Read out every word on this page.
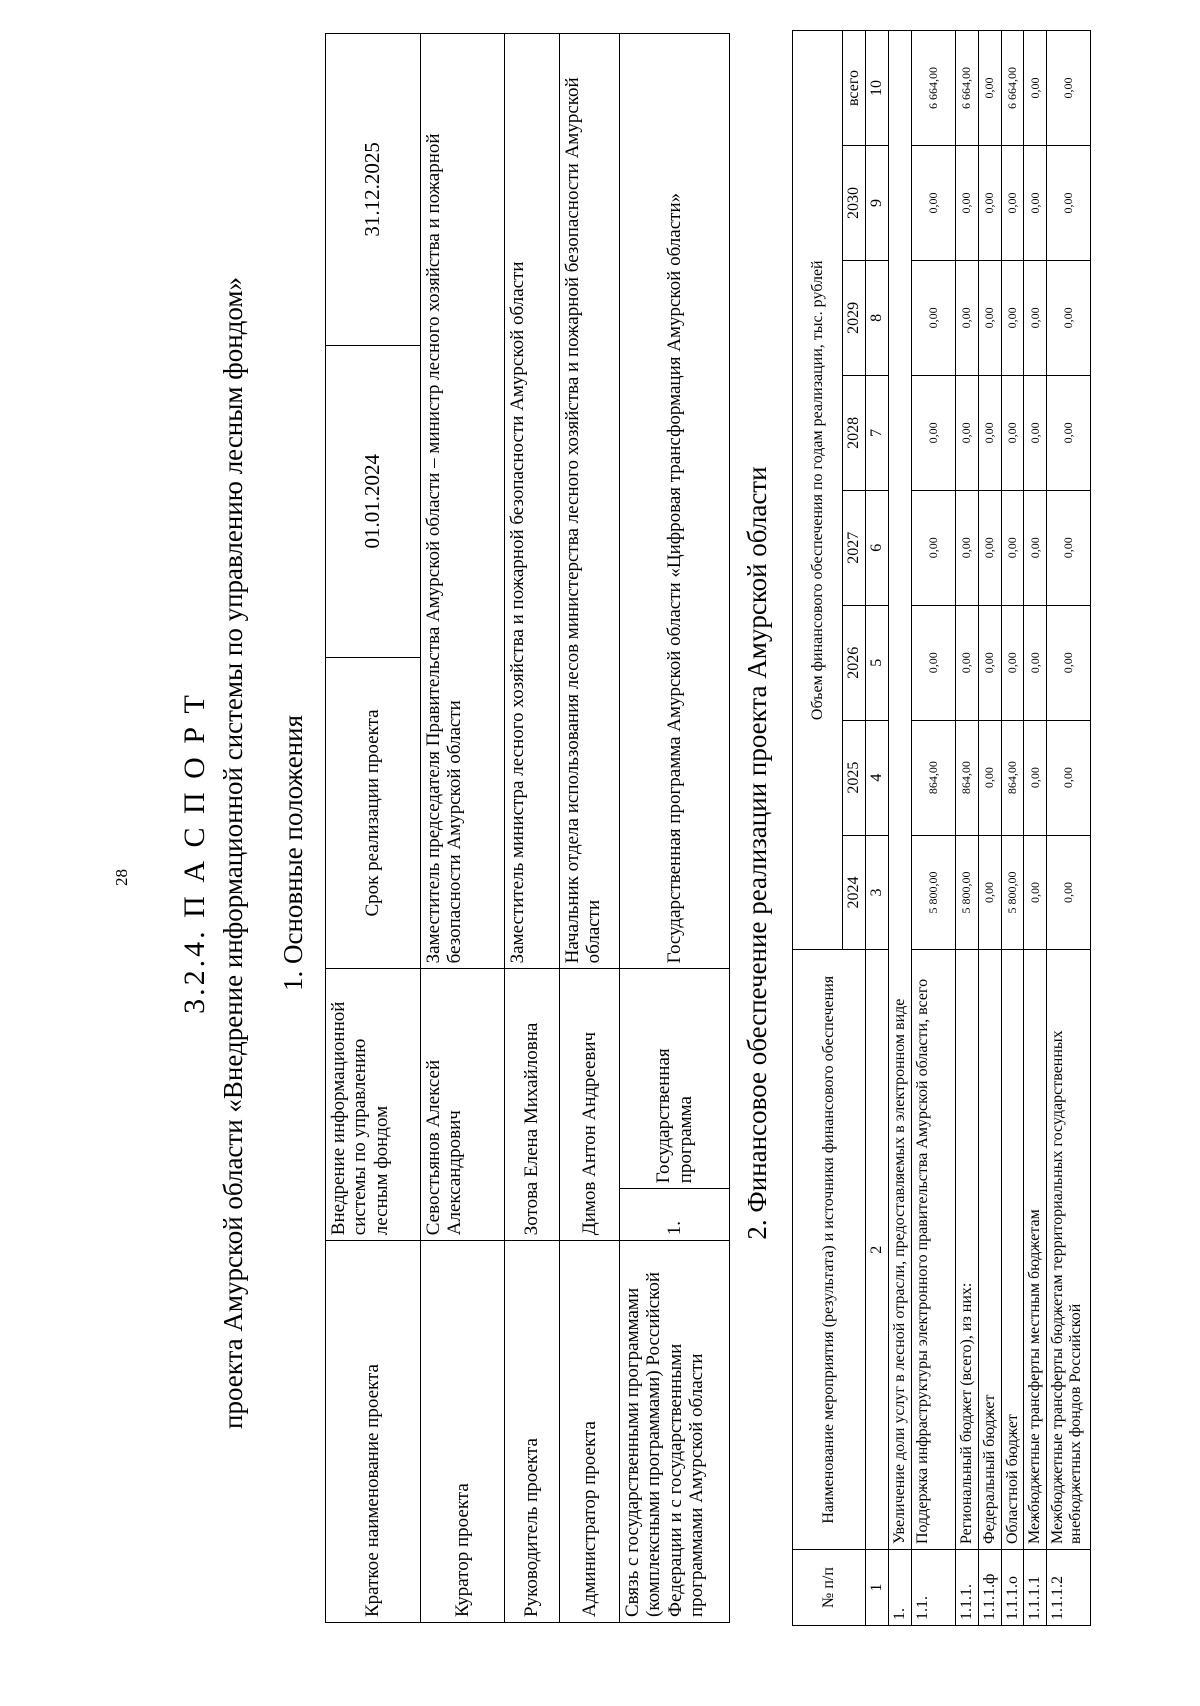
28 3.2.4. П А С П О Р Т проекта Амурской области «Внедрение информационной системы по управлению лесным фондом» 1. Основные положения
Краткое наименование проекта	Внедрение информационной системы по управлению лесным фондом		Срок реализации проекта	01.01.2024	31.12.2025
Куратор проекта	Севостьянов Алексей Александрович		Заместитель председателя Правительства Амурской области – министр лесного хозяйства и пожарной безопасности Амурской области		
Руководитель проекта	Зотова Елена Михайловна		Заместитель министра лесного хозяйства и пожарной безопасности Амурской области		
Администратор проекта	Димов Антон Андреевич		Начальник отдела использования лесов министерства лесного хозяйства и пожарной безопасности Амурской области		
Связь с государственными программами (комплексными программами) Российской Федерации и с государственными программами Амурской области	1.	Государственная программа	Государственная программа Амурской области «Цифровая трансформация Амурской области»		2. Финансовое обеспечение реализации проекта Амурской области
№ п/п	Наименование мероприятия (результата) и источники финансового обеспечения	Объем финансового обеспечения по годам реализации, тыс. рублей							
		2024	2025	2026	2027	2028	2029	2030	всего
1	2	3	4	5	6	7	8	9	10
1.	Увеличение доли услуг в лесной отрасли, предоставляемых в электронном виде								
1.1.	Поддержка инфраструктуры электронного правительства Амурской области, всего	5 800,00	864,00	0,00	0,00	0,00	0,00	0,00	6 664,00
1.1.1.	Региональный бюджет (всего), из них:	5 800,00	864,00	0,00	0,00	0,00	0,00	0,00	6 664,00
1.1.1.ф	Федеральный бюджет	0,00	0,00	0,00	0,00	0,00	0,00	0,00	0,00
1.1.1.о	Областной бюджет	5 800,00	864,00	0,00	0,00	0,00	0,00	0,00	6 664,00
1.1.1.1	Межбюджетные трансферты местным бюджетам	0,00	0,00	0,00	0,00	0,00	0,00	0,00	0,00
1.1.1.2	Межбюджетные трансферты бюджетам территориальных государственных внебюджетных фондов Российской	0,00	0,00	0,00	0,00	0,00	0,00	0,00	0,00
